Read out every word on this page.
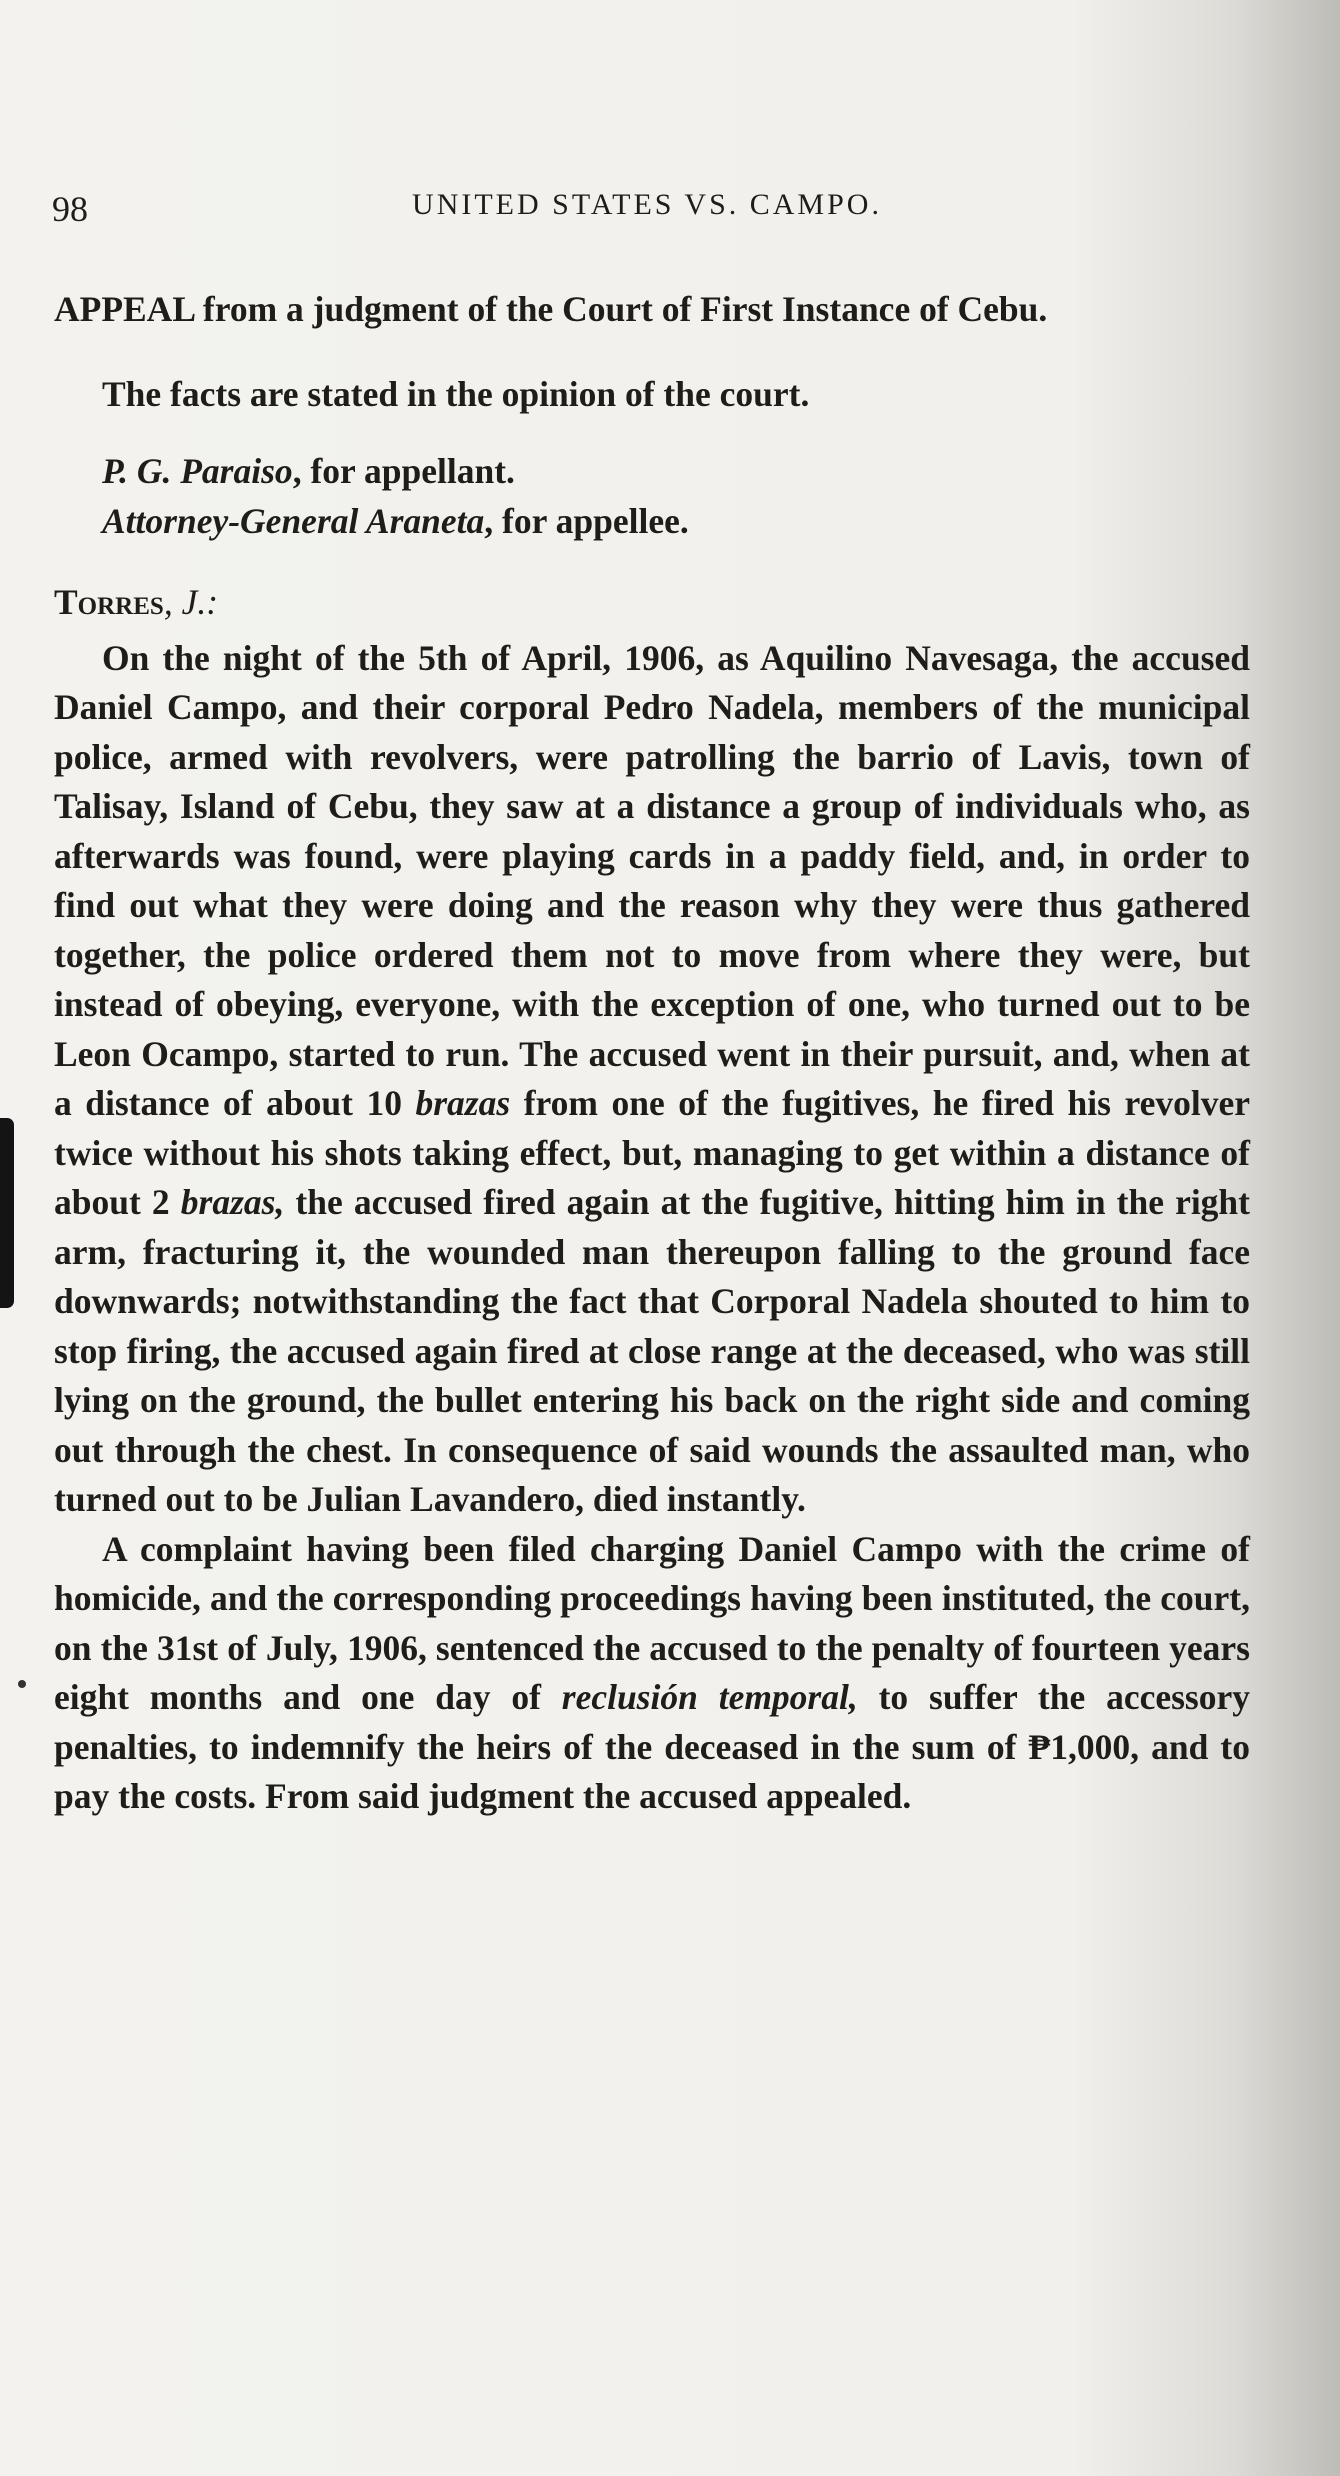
98	UNITED STATES VS. CAMPO.

APPEAL from a judgment of the Court of First Instance of Cebu.

The facts are stated in the opinion of the court.

P. G. Paraiso, for appellant.
Attorney-General Araneta, for appellee.

Torres, J.:

On the night of the 5th of April, 1906, as Aquilino Navesaga, the accused Daniel Campo, and their corporal Pedro Nadela, members of the municipal police, armed with revolvers, were patrolling the barrio of Lavis, town of Talisay, Island of Cebu, they saw at a distance a group of individuals who, as afterwards was found, were playing cards in a paddy field, and, in order to find out what they were doing and the reason why they were thus gathered together, the police ordered them not to move from where they were, but instead of obeying, everyone, with the exception of one, who turned out to be Leon Ocampo, started to run. The accused went in their pursuit, and, when at a distance of about 10 brazas from one of the fugitives, he fired his revolver twice without his shots taking effect, but, managing to get within a distance of about 2 brazas, the accused fired again at the fugitive, hitting him in the right arm, fracturing it, the wounded man thereupon falling to the ground face downwards; notwithstanding the fact that Corporal Nadela shouted to him to stop firing, the accused again fired at close range at the deceased, who was still lying on the ground, the bullet entering his back on the right side and coming out through the chest. In consequence of said wounds the assaulted man, who turned out to be Julian Lavandero, died instantly.

A complaint having been filed charging Daniel Campo with the crime of homicide, and the corresponding proceedings having been instituted, the court, on the 31st of July, 1906, sentenced the accused to the penalty of fourteen years eight months and one day of reclusión temporal, to suffer the accessory penalties, to indemnify the heirs of the deceased in the sum of ₱1,000, and to pay the costs. From said judgment the accused appealed.
